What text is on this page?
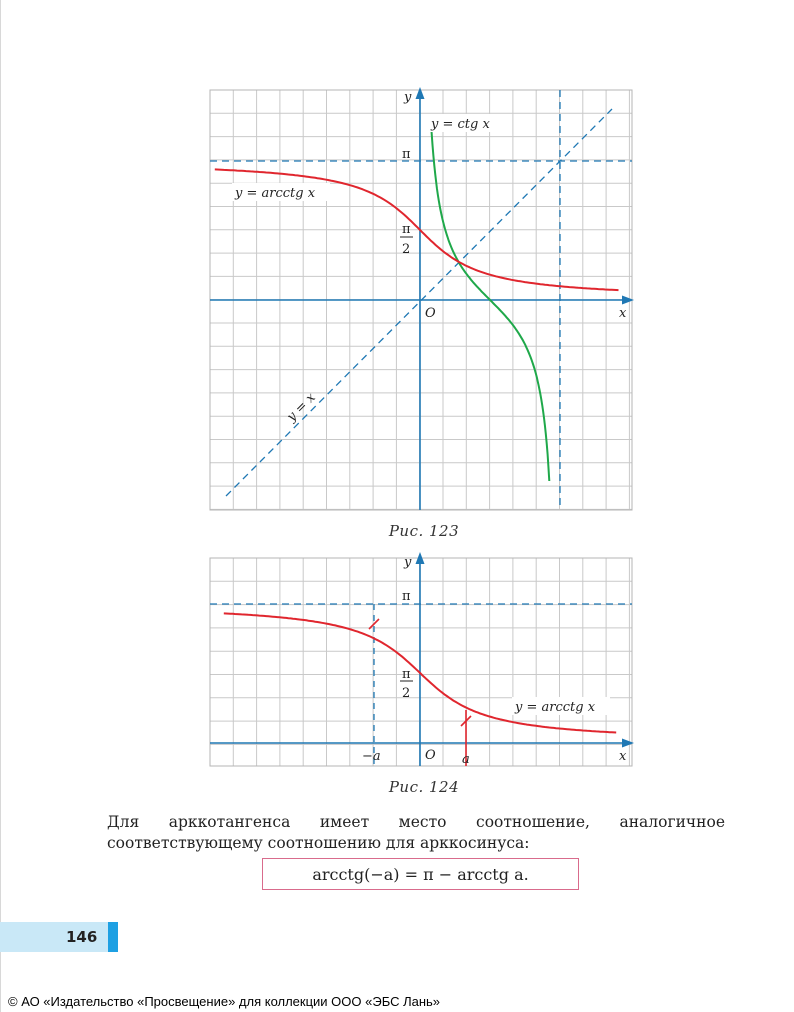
y
x
O
π
π
2
y = ctg x
y = arcctg x
y = x
Рис. 123
y
x
O
π
π
2
−a	a
y = arcctg x
Рис. 124
Для арккотангенса имеет место соотношение, аналогичное соответствующему соотношению для арккосинуса:
arcctg(−a) = π − arcctg a.
146
© АО «Издательство «Просвещение» для коллекции ООО «ЭБС Лань»
